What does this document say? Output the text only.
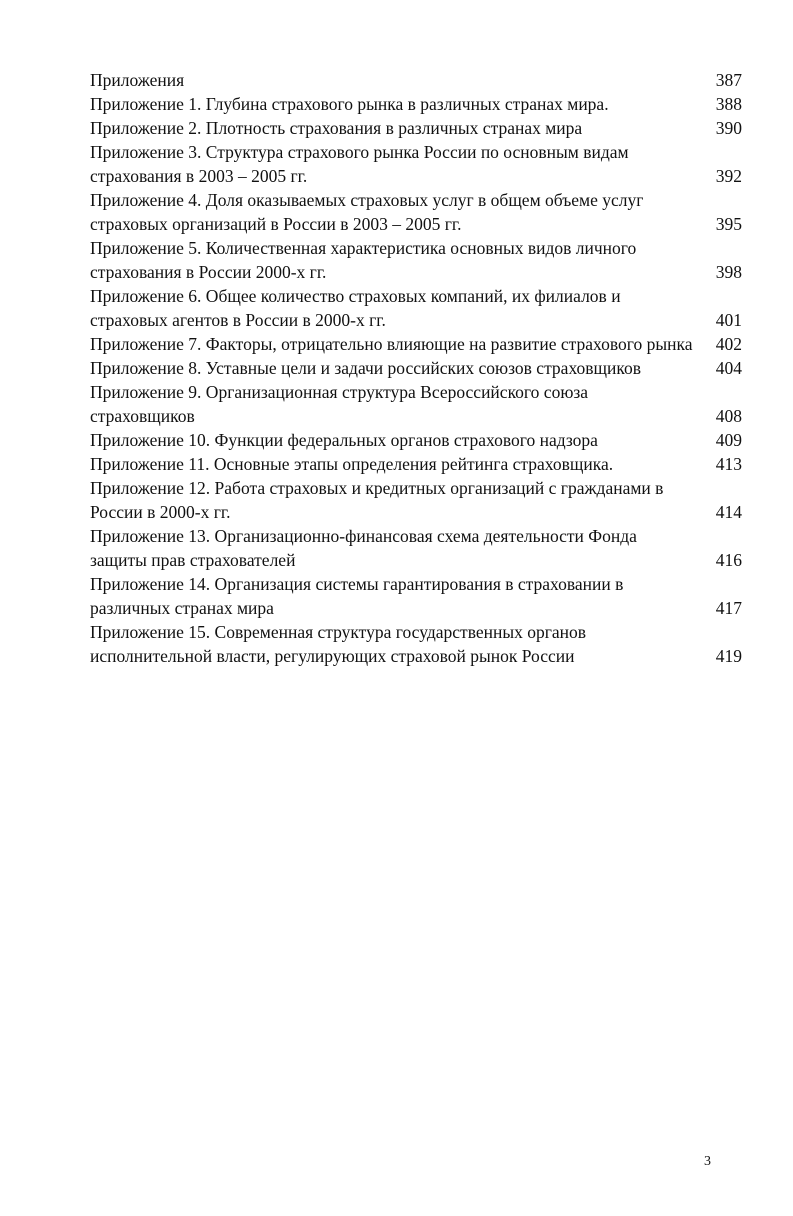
Приложения	387
Приложение 1. Глубина страхового рынка в различных странах мира.	388
Приложение 2. Плотность страхования в различных странах мира	390
Приложение 3. Структура страхового рынка России по основным видам страхования в 2003 – 2005 гг.	392
Приложение 4. Доля оказываемых страховых услуг в общем объеме услуг страховых организаций в России в 2003 – 2005 гг.	395
Приложение 5. Количественная характеристика основных видов личного страхования в России 2000-х гг.	398
Приложение 6. Общее количество страховых компаний, их филиалов и страховых агентов в России в 2000-х гг.	401
Приложение 7. Факторы, отрицательно влияющие на развитие страхового рынка	402
Приложение 8. Уставные цели и задачи российских союзов страховщиков	404
Приложение 9. Организационная структура Всероссийского союза страховщиков	408
Приложение 10. Функции федеральных органов страхового надзора	409
Приложение 11. Основные этапы определения рейтинга страховщика.	413
Приложение 12. Работа страховых и кредитных организаций с гражданами в России в 2000-х гг.	414
Приложение 13. Организационно-финансовая схема деятельности Фонда защиты прав страхователей	416
Приложение 14. Организация системы гарантирования в страховании в различных странах мира	417
Приложение 15. Современная структура государственных органов исполнительной власти, регулирующих страховой рынок России	419
3
